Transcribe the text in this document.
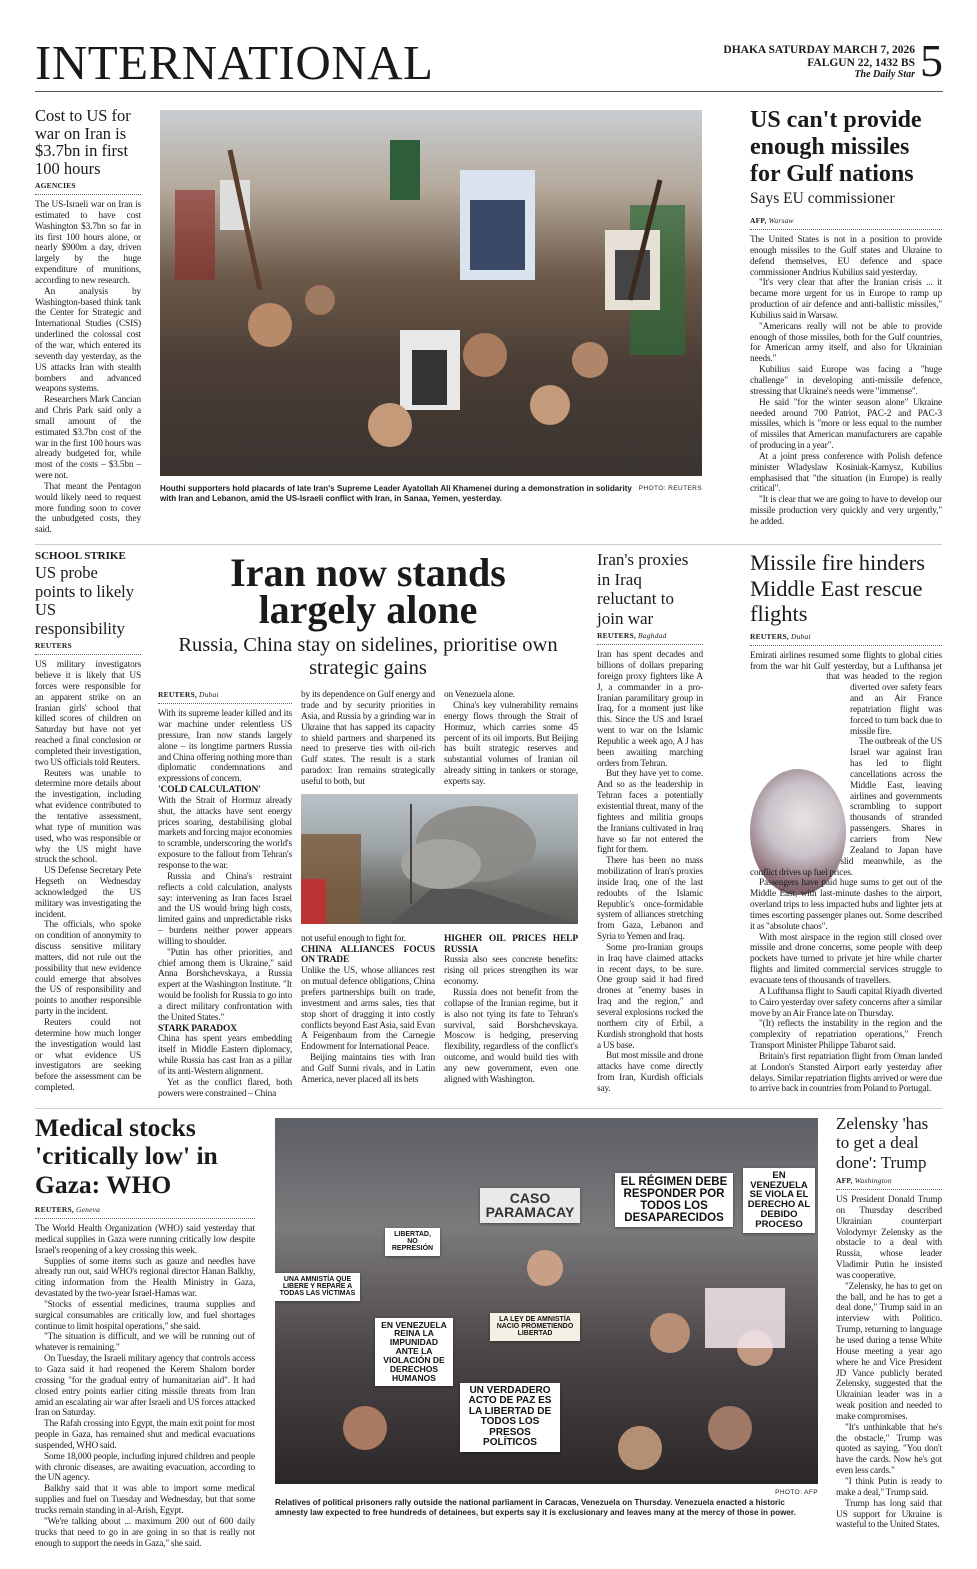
INTERNATIONAL	DHAKA SATURDAY MARCH 7, 2026
FALGUN 22, 1432 BS
The Daily Star 5
Cost to US for war on Iran is $3.7bn in first 100 hours
AGENCIES

The US-Israeli war on Iran is estimated to have cost Washington $3.7bn so far in its first 100 hours alone, or nearly $900m a day, driven largely by the huge expenditure of munitions, according to new research.

An analysis by Washington-based think tank the Center for Strategic and International Studies (CSIS) underlined the colossal cost of the war, which entered its seventh day yesterday, as the US attacks Iran with stealth bombers and advanced weapons systems.

Researchers Mark Cancian and Chris Park said only a small amount of the estimated $3.7bn cost of the war in the first 100 hours was already budgeted for, while most of the costs – $3.5bn – were not.

That meant the Pentagon would likely need to request more funding soon to cover the unbudgeted costs, they said.

PHOTO: REUTERS
Houthi supporters hold placards of late Iran's Supreme Leader Ayatollah Ali Khamenei during a demonstration in solidarity with Iran and Lebanon, amid the US-Israeli conflict with Iran, in Sanaa, Yemen, yesterday.
US can't provide enough missiles for Gulf nations
Says EU commissioner
AFP, Warsaw

The United States is not in a position to provide enough missiles to the Gulf states and Ukraine to defend themselves, EU defence and space commissioner Andrius Kubilius said yesterday.

"It's very clear that after the Iranian crisis ... it became more urgent for us in Europe to ramp up production of air defence and anti-ballistic missiles," Kubilius said in Warsaw.

"Americans really will not be able to provide enough of those missiles, both for the Gulf countries, for American army itself, and also for Ukrainian needs."

Kubilius said Europe was facing a "huge challenge" in developing anti-missile defence, stressing that Ukraine's needs were "immense".

He said "for the winter season alone" Ukraine needed around 700 Patriot, PAC-2 and PAC-3 missiles, which is "more or less equal to the number of missiles that American manufacturers are capable of producing in a year".

At a joint press conference with Polish defence minister Wladyslaw Kosiniak-Kamysz, Kubilius emphasised that "the situation (in Europe) is really critical".

"It is clear that we are going to have to develop our missile production very quickly and very urgently," he added.

SCHOOL STRIKE
US probe points to likely US responsibility
REUTERS

US military investigators believe it is likely that US forces were responsible for an apparent strike on an Iranian girls' school that killed scores of children on Saturday but have not yet reached a final conclusion or completed their investigation, two US officials told Reuters.

Reuters was unable to determine more details about the investigation, including what evidence contributed to the tentative assessment, what type of munition was used, who was responsible or why the US might have struck the school.

US Defense Secretary Pete Hegseth on Wednesday acknowledged the US military was investigating the incident.

The officials, who spoke on condition of anonymity to discuss sensitive military matters, did not rule out the possibility that new evidence could emerge that absolves the US of responsibility and points to another responsible party in the incident.

Reuters could not determine how much longer the investigation would last or what evidence US investigators are seeking before the assessment can be completed.

Iran now stands largely alone
Russia, China stay on sidelines, prioritise own strategic gains
REUTERS, Dubai

With its supreme leader killed and its war machine under relentless US pressure, Iran now stands largely alone – its longtime partners Russia and China offering nothing more than diplomatic condemnations and expressions of concern.

'COLD CALCULATION'

With the Strait of Hormuz already shut, the attacks have sent energy prices soaring, destabilising global markets and forcing major economies to scramble, underscoring the world's exposure to the fallout from Tehran's response to the war.

Russia and China's restraint reflects a cold calculation, analysts say: intervening as Iran faces Israel and the US would bring high costs, limited gains and unpredictable risks – burdens neither power appears willing to shoulder.

"Putin has other priorities, and chief among them is Ukraine," said Anna Borshchevskaya, a Russia expert at the Washington Institute. "It would be foolish for Russia to go into a direct military confrontation with the United States."

STARK PARADOX

China has spent years embedding itself in Middle Eastern diplomacy, while Russia has cast Iran as a pillar of its anti-Western alignment.

Yet as the conflict flared, both powers were constrained – China

by its dependence on Gulf energy and trade and by security priorities in Asia, and Russia by a grinding war in Ukraine that has sapped its capacity to shield partners and sharpened its need to preserve ties with oil-rich Gulf states. The result is a stark paradox: Iran remains strategically useful to both, but

on Venezuela alone.

China's key vulnerability remains energy flows through the Strait of Hormuz, which carries some 45 percent of its oil imports. But Beijing has built strategic reserves and substantial volumes of Iranian oil already sitting in tankers or storage, experts say.

not useful enough to fight for.

CHINA ALLIANCES FOCUS ON TRADE

Unlike the US, whose alliances rest on mutual defence obligations, China prefers partnerships built on trade, investment and arms sales, ties that stop short of dragging it into costly conflicts beyond East Asia, said Evan A Feigenbaum from the Carnegie Endowment for International Peace.

Beijing maintains ties with Iran and Gulf Sunni rivals, and in Latin America, never placed all its bets

HIGHER OIL PRICES HELP RUSSIA

Russia also sees concrete benefits: rising oil prices strengthen its war economy.

Russia does not benefit from the collapse of the Iranian regime, but it is also not tying its fate to Tehran's survival, said Borshchevskaya. Moscow is hedging, preserving flexibility, regardless of the conflict's outcome, and would build ties with any new government, even one aligned with Washington.

Iran's proxies in Iraq reluctant to join war
REUTERS, Baghdad

Iran has spent decades and billions of dollars preparing foreign proxy fighters like A J, a commander in a pro-Iranian paramilitary group in Iraq, for a moment just like this. Since the US and Israel went to war on the Islamic Republic a week ago, A J has been awaiting marching orders from Tehran.

But they have yet to come. And so as the leadership in Tehran faces a potentially existential threat, many of the fighters and militia groups the Iranians cultivated in Iraq have so far not entered the fight for them.

There has been no mass mobilization of Iran's proxies inside Iraq, one of the last redoubts of the Islamic Republic's once-formidable system of alliances stretching from Gaza, Lebanon and Syria to Yemen and Iraq.

Some pro-Iranian groups in Iraq have claimed attacks in recent days, to be sure. One group said it had fired drones at "enemy bases in Iraq and the region," and several explosions rocked the northern city of Erbil, a Kurdish stronghold that hosts a US base.

But most missile and drone attacks have come directly from Iran, Kurdish officials say.

Missile fire hinders Middle East rescue flights
REUTERS, Dubai

Emirati airlines resumed some flights to global cities from the war hit Gulf yesterday, but a Lufthansa jet that was headed to the region diverted over safety fears and an Air France repatriation flight was forced to turn back due to missile fire.

The outbreak of the US Israel war against Iran has led to flight cancellations across the Middle East, leaving airlines and governments scrambling to support thousands of stranded passengers. Shares in carriers from New Zealand to Japan have slid meanwhile, as the conflict drives up fuel prices.

Passengers have paid huge sums to get out of the Middle East, with last-minute dashes to the airport, overland trips to less impacted hubs and lighter jets at times escorting passenger planes out. Some described it as "absolute chaos".

With most airspace in the region still closed over missile and drone concerns, some people with deep pockets have turned to private jet hire while charter flights and limited commercial services struggle to evacuate tens of thousands of travellers.

A Lufthansa flight to Saudi capital Riyadh diverted to Cairo yesterday over safety concerns after a similar move by an Air France late on Thursday.

"(It) reflects the instability in the region and the complexity of repatriation operations," French Transport Minister Philippe Tabarot said.

Britain's first repatriation flight from Oman landed at London's Stansted Airport early yesterday after delays. Similar repatriation flights arrived or were due to arrive back in countries from Poland to Portugal.

Medical stocks 'critically low' in Gaza: WHO
REUTERS, Geneva

The World Health Organization (WHO) said yesterday that medical supplies in Gaza were running critically low despite Israel's reopening of a key crossing this week.

Supplies of some items such as gauze and needles have already run out, said WHO's regional director Hanan Balkhy, citing information from the Health Ministry in Gaza, devastated by the two-year Israel-Hamas war.

"Stocks of essential medicines, trauma supplies and surgical consumables are critically low, and fuel shortages continue to limit hospital operations," she said.

"The situation is difficult, and we will be running out of whatever is remaining."

On Tuesday, the Israeli military agency that controls access to Gaza said it had reopened the Kerem Shalom border crossing "for the gradual entry of humanitarian aid". It had closed entry points earlier citing missile threats from Iran amid an escalating air war after Israeli and US forces attacked Iran on Saturday.

The Rafah crossing into Egypt, the main exit point for most people in Gaza, has remained shut and medical evacuations suspended, WHO said.

Some 18,000 people, including injured children and people with chronic diseases, are awaiting evacuation, according to the UN agency.

Balkhy said that it was able to import some medical supplies and fuel on Tuesday and Wednesday, but that some trucks remain standing in al-Arish, Egypt.

"We're talking about ... maximum 200 out of 600 daily trucks that need to go in are going in so that is really not enough to support the needs in Gaza," she said.

EL RÉGIMEN DEBE RESPONDER POR TODOS LOS DESAPARECIDOS
EN VENEZUELA SE VIOLA EL DERECHO AL DEBIDO PROCESO
UN VERDADERO ACTO DE PAZ ES LA LIBERTAD DE TODOS LOS PRESOS POLÍTICOS
EN VENEZUELA REINA LA IMPUNIDAD ANTE LA VIOLACIÓN DE DERECHOS HUMANOS
LIBERTAD, NO REPRESIÓN
UNA AMNISTÍA QUE LIBERE Y REPARE A TODAS LAS VÍCTIMAS
LA LEY DE AMNISTÍA NACIÓ PROMETIENDO LIBERTAD
CASO PARAMACAY
PHOTO: AFP

Relatives of political prisoners rally outside the national parliament in Caracas, Venezuela on Thursday. Venezuela enacted a historic amnesty law expected to free hundreds of detainees, but experts say it is exclusionary and leaves many at the mercy of those in power.
Zelensky 'has to get a deal done': Trump
AFP, Washington

US President Donald Trump on Thursday described Ukrainian counterpart Volodymyr Zelensky as the obstacle to a deal with Russia, whose leader Vladimir Putin he insisted was cooperative.

"Zelensky, he has to get on the ball, and he has to get a deal done," Trump said in an interview with Politico. Trump, returning to language he used during a tense White House meeting a year ago where he and Vice President JD Vance publicly berated Zelensky, suggested that the Ukrainian leader was in a weak position and needed to make compromises.

"It's unthinkable that he's the obstacle," Trump was quoted as saying. "You don't have the cards. Now he's got even less cards."

"I think Putin is ready to make a deal," Trump said.

Trump has long said that US support for Ukraine is wasteful to the United States.
